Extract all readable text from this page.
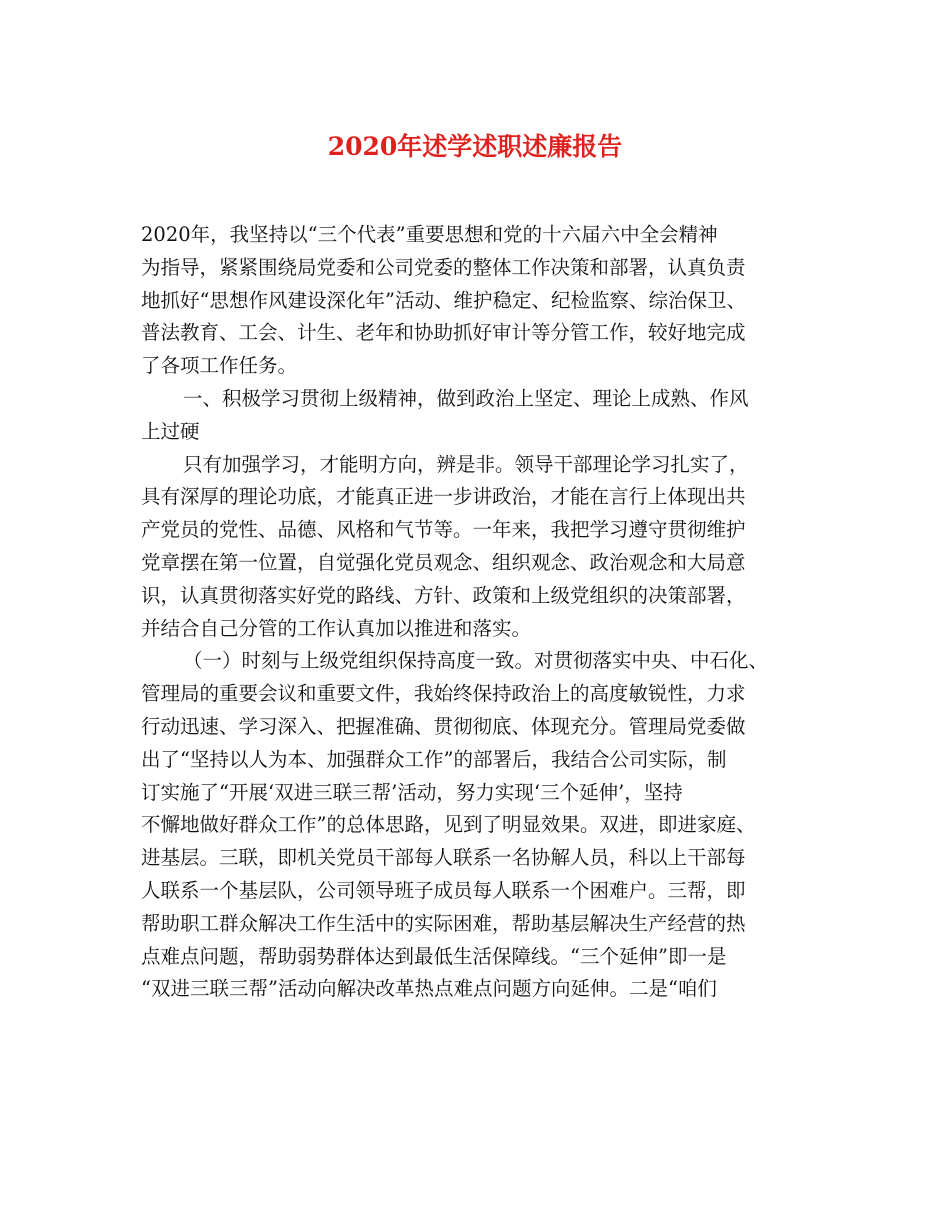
2020年述学述职述廉报告
2020年，我坚持以“三个代表”重要思想和党的十六届六中全会精神
为指导，紧紧围绕局党委和公司党委的整体工作决策和部署，认真负责
地抓好“思想作风建设深化年”活动、维护稳定、纪检监察、综治保卫、
普法教育、工会、计生、老年和协助抓好审计等分管工作，较好地完成
了各项工作任务。
一、积极学习贯彻上级精神，做到政治上坚定、理论上成熟、作风
上过硬
只有加强学习，才能明方向，辨是非。领导干部理论学习扎实了，
具有深厚的理论功底，才能真正进一步讲政治，才能在言行上体现出共
产党员的党性、品德、风格和气节等。一年来，我把学习遵守贯彻维护
党章摆在第一位置，自觉强化党员观念、组织观念、政治观念和大局意
识，认真贯彻落实好党的路线、方针、政策和上级党组织的决策部署，
并结合自己分管的工作认真加以推进和落实。
（一）时刻与上级党组织保持高度一致。对贯彻落实中央、中石化、
管理局的重要会议和重要文件，我始终保持政治上的高度敏锐性，力求
行动迅速、学习深入、把握准确、贯彻彻底、体现充分。管理局党委做
出了“坚持以人为本、加强群众工作”的部署后，我结合公司实际，制
订实施了“开展‘双进三联三帮’活动，努力实现‘三个延伸’，坚持
不懈地做好群众工作”的总体思路，见到了明显效果。双进，即进家庭、
进基层。三联，即机关党员干部每人联系一名协解人员，科以上干部每
人联系一个基层队，公司领导班子成员每人联系一个困难户。三帮，即
帮助职工群众解决工作生活中的实际困难，帮助基层解决生产经营的热
点难点问题，帮助弱势群体达到最低生活保障线。“三个延伸”即一是
“双进三联三帮”活动向解决改革热点难点问题方向延伸。二是“咱们
